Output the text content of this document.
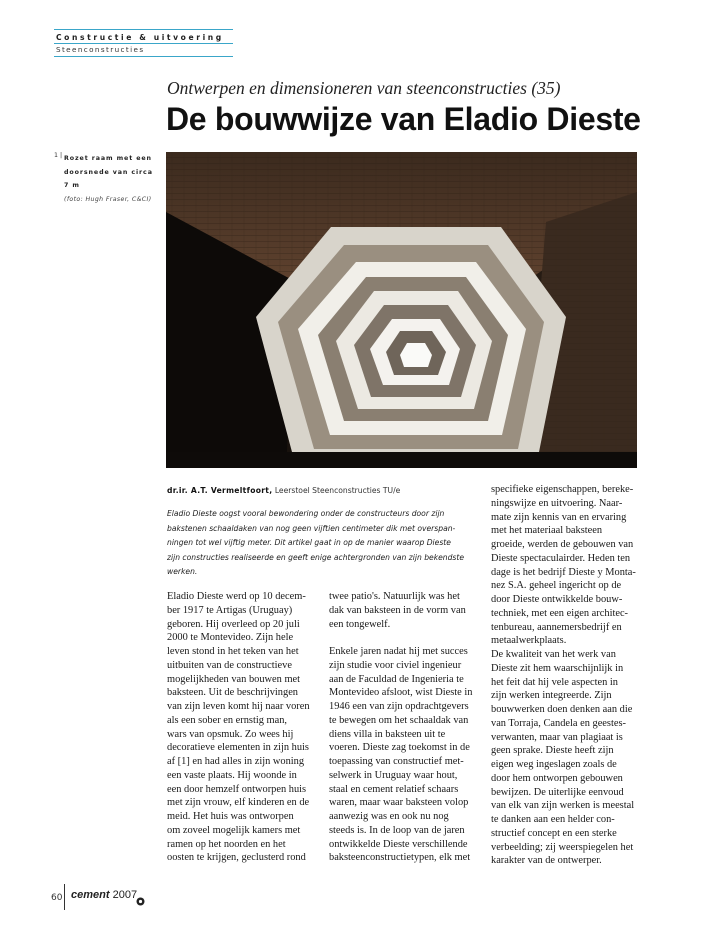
Constructie & uitvoering
Steenconstructies
Ontwerpen en dimensioneren van steenconstructies (35)
De bouwwijze van Eladio Dieste
1 | Rozet raam met een
doorsnede van circa 7 m
(foto: Hugh Fraser, C&CI)
dr.ir. A.T. Vermeltfoort, Leerstoel Steenconstructies TU/e
Eladio Dieste oogst vooral bewondering onder de constructeurs door zijn
bakstenen schaaldaken van nog geen vijftien centimeter dik met overspan-
ningen tot wel vijftig meter. Dit artikel gaat in op de manier waarop Dieste
zijn constructies realiseerde en geeft enige achtergronden van zijn bekendste
werken.
Eladio Dieste werd op 10 decem-
ber 1917 te Artigas (Uruguay)
geboren. Hij overleed op 20 juli
2000 te Montevideo. Zijn hele
leven stond in het teken van het
uitbuiten van de constructieve
mogelijkheden van bouwen met
baksteen. Uit de beschrijvingen
van zijn leven komt hij naar voren
als een sober en ernstig man,
wars van opsmuk. Zo wees hij
decoratieve elementen in zijn huis
af [1] en had alles in zijn woning
een vaste plaats. Hij woonde in
een door hemzelf ontworpen huis
met zijn vrouw, elf kinderen en de
meid. Het huis was ontworpen
om zoveel mogelijk kamers met
ramen op het noorden en het
oosten te krijgen, geclusterd rond
twee patio's. Natuurlijk was het
dak van baksteen in de vorm van
een tongewelf.
Enkele jaren nadat hij met succes
zijn studie voor civiel ingenieur
aan de Faculdad de Ingenieria te
Montevideo afsloot, wist Dieste in
1946 een van zijn opdrachtgevers
te bewegen om het schaaldak van
diens villa in baksteen uit te
voeren. Dieste zag toekomst in de
toepassing van constructief met-
selwerk in Uruguay waar hout,
staal en cement relatief schaars
waren, maar waar baksteen volop
aanwezig was en ook nu nog
steeds is. In de loop van de jaren
ontwikkelde Dieste verschillende
baksteenconstructietypen, elk met
specifieke eigenschappen, bereke-
ningswijze en uitvoering. Naar-
mate zijn kennis van en ervaring
met het materiaal baksteen
groeide, werden de gebouwen van
Dieste spectaculairder. Heden ten
dage is het bedrijf Dieste y Monta-
nez S.A. geheel ingericht op de
door Dieste ontwikkelde bouw-
techniek, met een eigen architec-
tenbureau, aannemersbedrijf en
metaalwerkplaats.
De kwaliteit van het werk van
Dieste zit hem waarschijnlijk in
het feit dat hij vele aspecten in
zijn werken integreerde. Zijn
bouwwerken doen denken aan die
van Torraja, Candela en geestes-
verwanten, maar van plagiaat is
geen sprake. Dieste heeft zijn
eigen weg ingeslagen zoals de
door hem ontworpen gebouwen
bewijzen. De uiterlijke eenvoud
van elk van zijn werken is meestal
te danken aan een helder con-
structief concept en een sterke
verbeelding; zij weerspiegelen het
karakter van de ontwerper.
60 cement 2007
